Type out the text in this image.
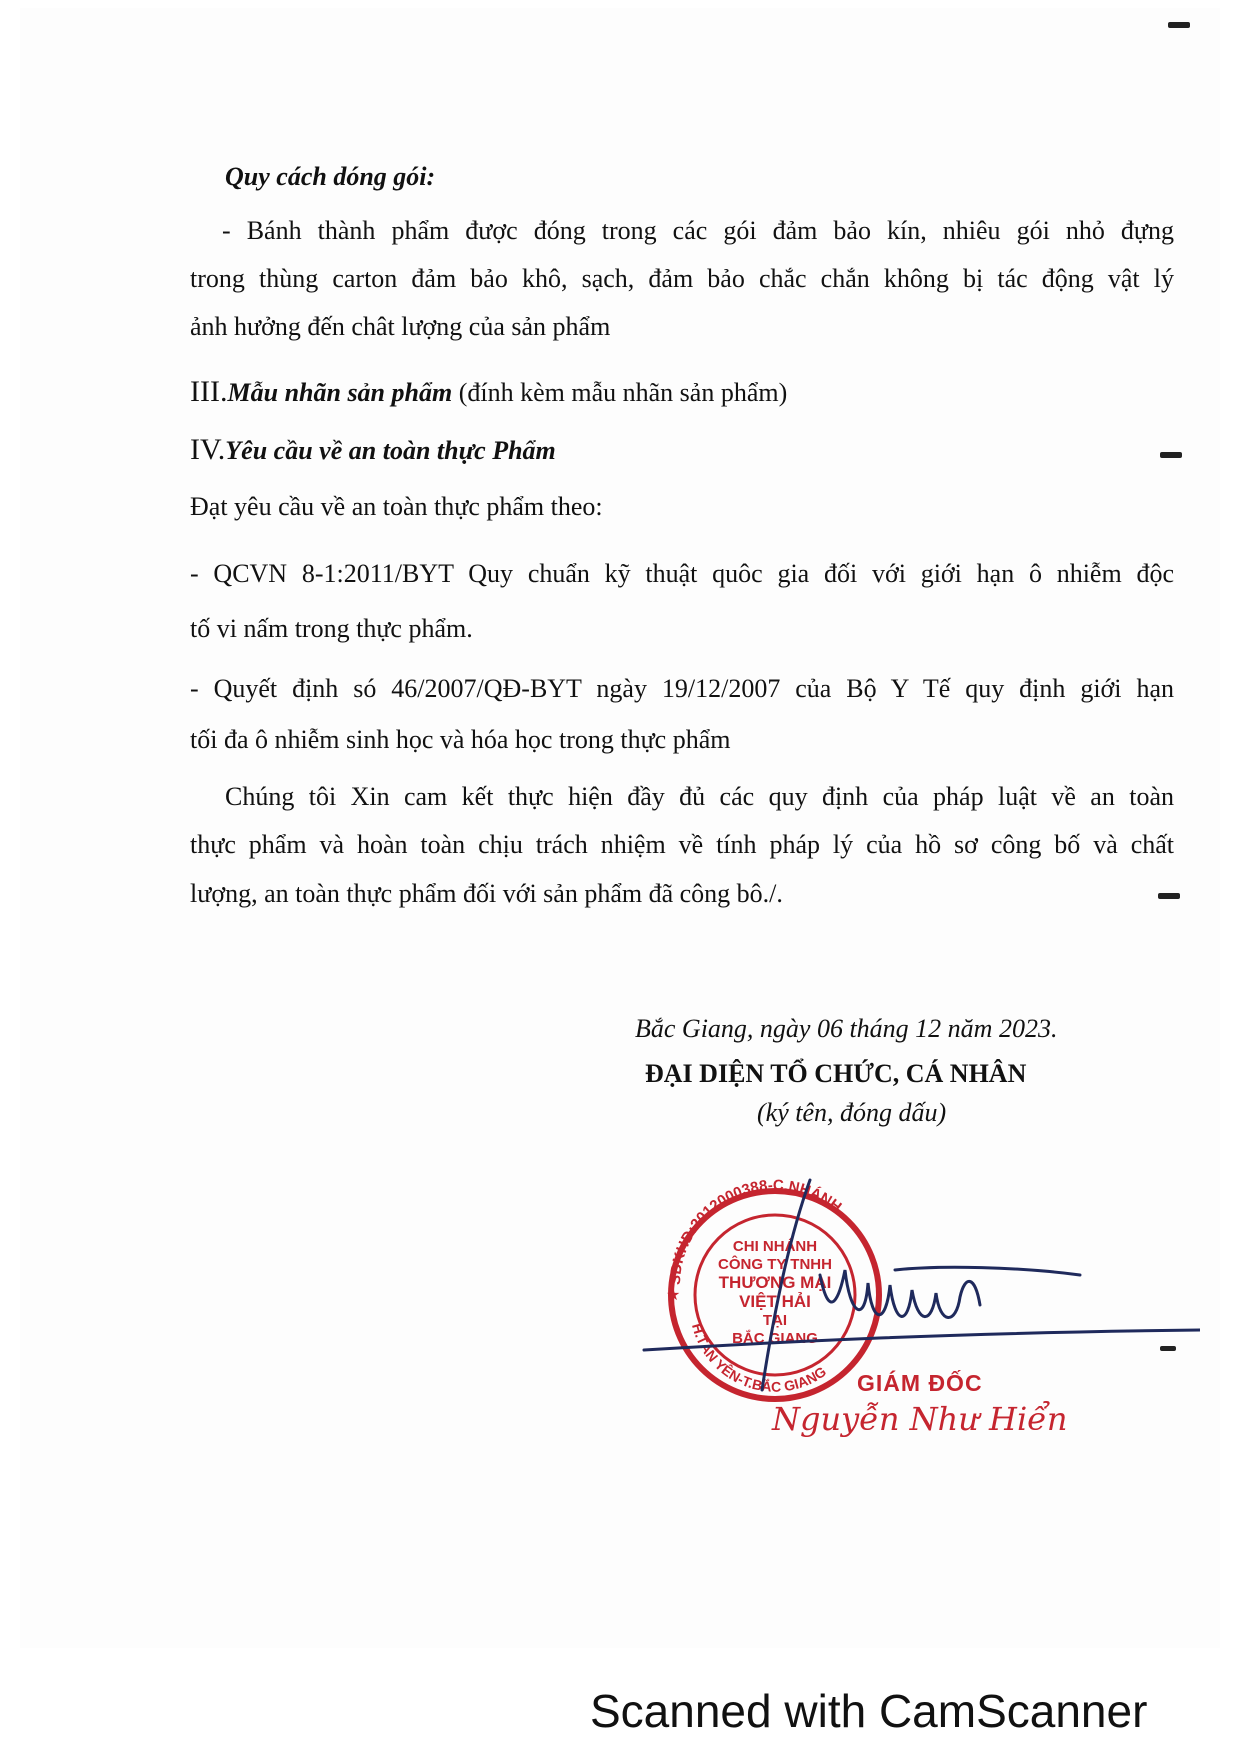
Quy cách dóng gói:
- Bánh thành phẩm được đóng trong các gói đảm bảo kín, nhiêu gói nhỏ đựng
trong thùng carton đảm bảo khô, sạch, đảm bảo chắc chắn không bị tác động vật lý
ảnh hưởng đến chât lượng của sản phẩm
III.Mẫu nhãn sản phẩm (đính kèm mẫu nhãn sản phẩm)
IV.Yêu cầu về an toàn thực Phẩm
Đạt yêu cầu về an toàn thực phẩm theo:
- QCVN 8-1:2011/BYT Quy chuẩn kỹ thuật quôc gia đối với giới hạn ô nhiễm độc
tố vi nấm trong thực phẩm.
- Quyết định só 46/2007/QĐ-BYT ngày 19/12/2007 của Bộ Y Tế quy định giới hạn
tối đa ô nhiễm sinh học và hóa học trong thực phẩm
Chúng tôi Xin cam kết thực hiện đầy đủ các quy định của pháp luật về an toàn
thực phẩm và hoàn toàn chịu trách nhiệm về tính pháp lý của hồ sơ công bố và chất
lượng, an toàn thực phẩm đối với sản phẩm đã công bô./.
Bắc Giang, ngày 06 tháng 12 năm 2023.
ĐẠI DIỆN TỔ CHỨC, CÁ NHÂN
(ký tên, đóng dấu)
SĐKHĐ:2012000388-C.NHÁNH
H.TÂN YÊN-T.BẮC GIANG
★
CHI NHÁNH
CÔNG TY TNHH
THƯƠNG MẠI
VIỆT HẢI
TẠI
BẮC GIANG
GIÁM ĐỐC
Nguyễn Như Hiển
Scanned with CamScanner
